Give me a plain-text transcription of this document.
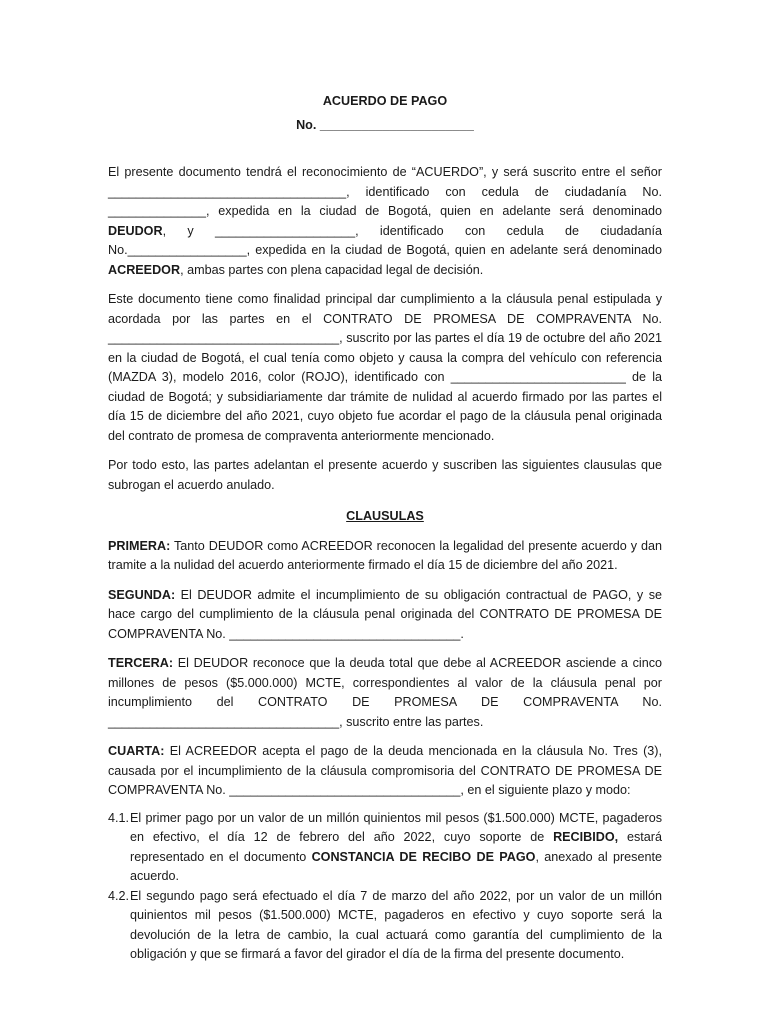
ACUERDO DE PAGO
No. ______________________

El presente documento tendrá el reconocimiento de “ACUERDO”, y será suscrito entre el señor __________________________________, identificado con cedula de ciudadanía No. ______________, expedida en la ciudad de Bogotá, quien en adelante será denominado DEUDOR, y ____________________, identificado con cedula de ciudadanía No._________________, expedida en la ciudad de Bogotá, quien en adelante será denominado ACREEDOR, ambas partes con plena capacidad legal de decisión.

Este documento tiene como finalidad principal dar cumplimiento a la cláusula penal estipulada y acordada por las partes en el CONTRATO DE PROMESA DE COMPRAVENTA No. _________________________________, suscrito por las partes el día 19 de octubre del año 2021 en la ciudad de Bogotá, el cual tenía como objeto y causa la compra del vehículo con referencia (MAZDA 3), modelo 2016, color (ROJO), identificado con _________________________ de la ciudad de Bogotá; y subsidiariamente dar trámite de nulidad al acuerdo firmado por las partes el día 15 de diciembre del año 2021, cuyo objeto fue acordar el pago de la cláusula penal originada del contrato de promesa de compraventa anteriormente mencionado.

Por todo esto, las partes adelantan el presente acuerdo y suscriben las siguientes clausulas que subrogan el acuerdo anulado.

CLAUSULAS

PRIMERA: Tanto DEUDOR como ACREEDOR reconocen la legalidad del presente acuerdo y dan tramite a la nulidad del acuerdo anteriormente firmado el día 15 de diciembre del año 2021.

SEGUNDA: El DEUDOR admite el incumplimiento de su obligación contractual de PAGO, y se hace cargo del cumplimiento de la cláusula penal originada del CONTRATO DE PROMESA DE COMPRAVENTA No. _________________________________.

TERCERA: El DEUDOR reconoce que la deuda total que debe al ACREEDOR asciende a cinco millones de pesos ($5.000.000) MCTE, correspondientes al valor de la cláusula penal por incumplimiento del CONTRATO DE PROMESA DE COMPRAVENTA No. _________________________________, suscrito entre las partes.

CUARTA: El ACREEDOR acepta el pago de la deuda mencionada en la cláusula No. Tres (3), causada por el incumplimiento de la cláusula compromisoria del CONTRATO DE PROMESA DE COMPRAVENTA No. _________________________________, en el siguiente plazo y modo:

4.1. El primer pago por un valor de un millón quinientos mil pesos ($1.500.000) MCTE, pagaderos en efectivo, el día 12 de febrero del año 2022, cuyo soporte de RECIBIDO, estará representado en el documento CONSTANCIA DE RECIBO DE PAGO, anexado al presente acuerdo.
4.2. El segundo pago será efectuado el día 7 de marzo del año 2022, por un valor de un millón quinientos mil pesos ($1.500.000) MCTE, pagaderos en efectivo y cuyo soporte será la devolución de la letra de cambio, la cual actuará como garantía del cumplimiento de la obligación y que se firmará a favor del girador el día de la firma del presente documento.
